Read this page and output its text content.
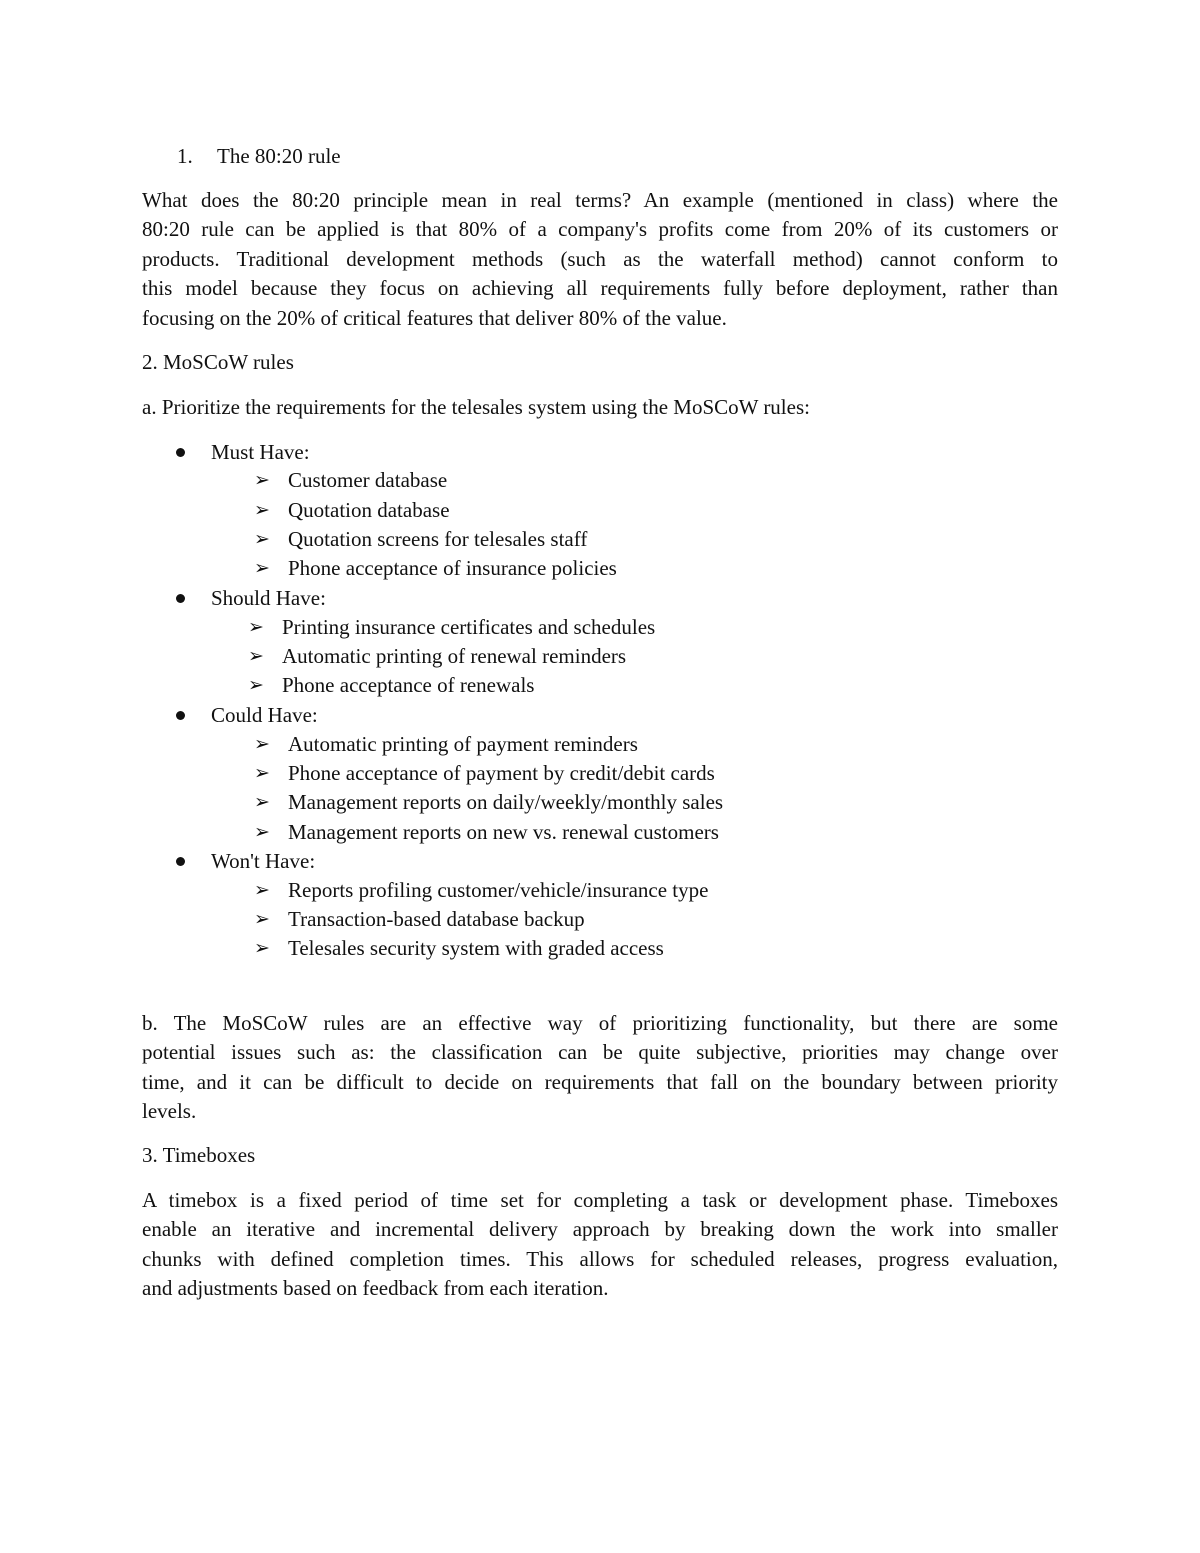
1. The 80:20 rule
What does the 80:20 principle mean in real terms? An example (mentioned in class) where the
80:20 rule can be applied is that 80% of a company's profits come from 20% of its customers or
products. Traditional development methods (such as the waterfall method) cannot conform to
this model because they focus on achieving all requirements fully before deployment, rather than
focusing on the 20% of critical features that deliver 80% of the value.
2. MoSCoW rules
a. Prioritize the requirements for the telesales system using the MoSCoW rules:
Must Have:
➢ Customer database
➢ Quotation database
➢ Quotation screens for telesales staff
➢ Phone acceptance of insurance policies
Should Have:
➢ Printing insurance certificates and schedules
➢ Automatic printing of renewal reminders
➢ Phone acceptance of renewals
Could Have:
➢ Automatic printing of payment reminders
➢ Phone acceptance of payment by credit/debit cards
➢ Management reports on daily/weekly/monthly sales
➢ Management reports on new vs. renewal customers
Won't Have:
➢ Reports profiling customer/vehicle/insurance type
➢ Transaction-based database backup
➢ Telesales security system with graded access
b. The MoSCoW rules are an effective way of prioritizing functionality, but there are some
potential issues such as: the classification can be quite subjective, priorities may change over
time, and it can be difficult to decide on requirements that fall on the boundary between priority
levels.
3. Timeboxes
A timebox is a fixed period of time set for completing a task or development phase. Timeboxes
enable an iterative and incremental delivery approach by breaking down the work into smaller
chunks with defined completion times. This allows for scheduled releases, progress evaluation,
and adjustments based on feedback from each iteration.
